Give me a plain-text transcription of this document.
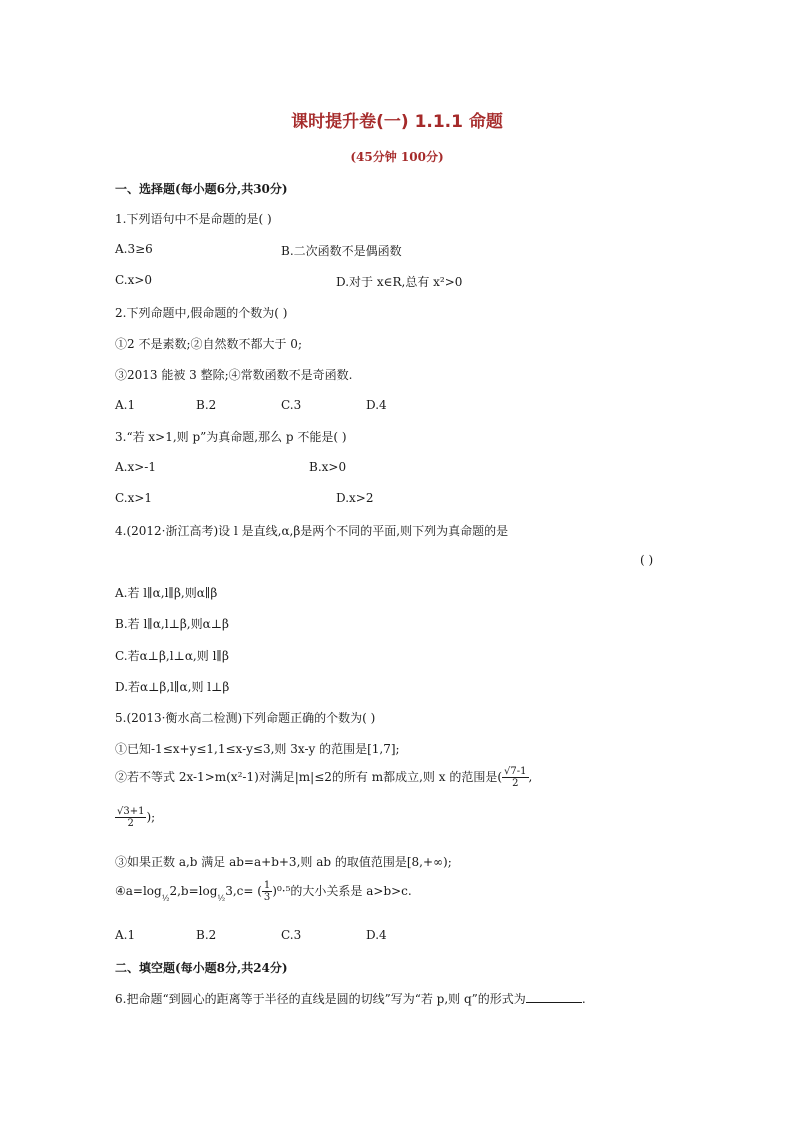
课时提升卷(一) 1.1.1 命题
(45分钟 100分)
一、选择题(每小题6分,共30分)
1.下列语句中不是命题的是( )
A.3≥6	B.二次函数不是偶函数
C.x>0	D.对于 x∈R,总有 x²>0
2.下列命题中,假命题的个数为( )
①2 不是素数;②自然数不都大于 0;
③2013 能被 3 整除;④常数函数不是奇函数.
A.1	B.2	C.3	D.4
3.“若 x>1,则 p”为真命题,那么 p 不能是( )
A.x>-1	B.x>0
C.x>1	D.x>2
4.(2012·浙江高考)设 l 是直线,α,β是两个不同的平面,则下列为真命题的是
( )
A.若 l∥α,l∥β,则α∥β
B.若 l∥α,l⊥β,则α⊥β
C.若α⊥β,l⊥α,则 l∥β
D.若α⊥β,l∥α,则 l⊥β
5.(2013·衡水高二检测)下列命题正确的个数为( )
①已知-1≤x+y≤1,1≤x-y≤3,则 3x-y 的范围是[1,7];
②若不等式 2x-1>m(x²-1)对满足|m|≤2的所有 m都成立,则 x 的范围是( $\frac{√7-1}{2}$ ,
$\frac{√3+1}{2}$ );
③如果正数 a,b 满足 ab=a+b+3,则 ab 的取值范围是[8,+∞);
$④a=\log_{\frac{1}{2}}2,b=\log_{\frac{1}{2}}3,c=$ ( $\frac{1}{3} )^0\cdot^5$的大小关系是 a>b>c.
A.1	B.2	C.3	D.4
二、填空题(每小题8分,共24分)
6.把命题“到圆心的距离等于半径的直线是圆的切线”写为“若 p,则 q”的形式为	.
